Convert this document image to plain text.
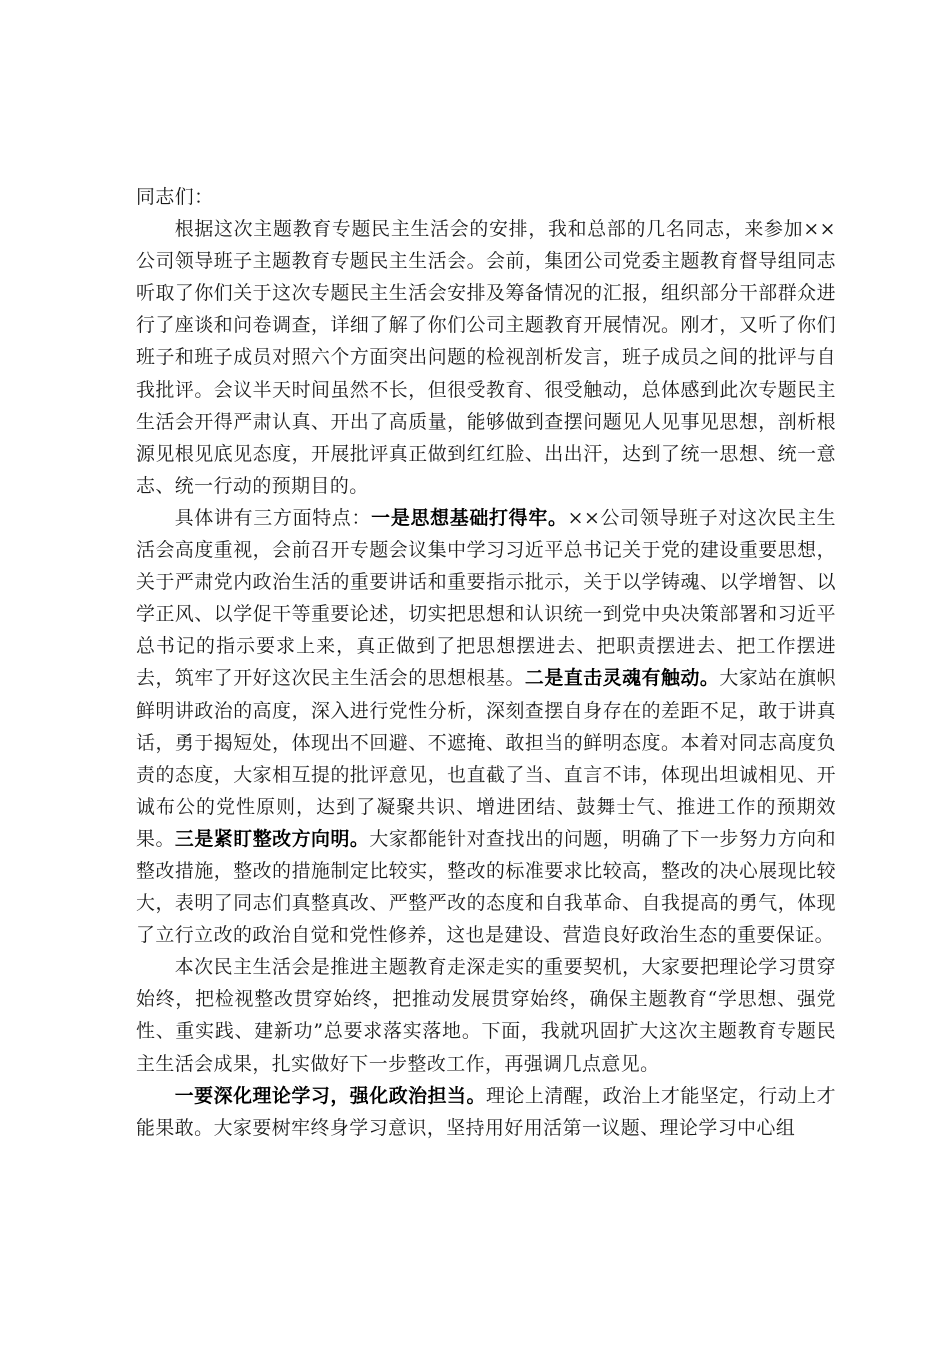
同志们：

根据这次主题教育专题民主生活会的安排，我和总部的几名同志，来参加××公司领导班子主题教育专题民主生活会。会前，集团公司党委主题教育督导组同志听取了你们关于这次专题民主生活会安排及筹备情况的汇报，组织部分干部群众进行了座谈和问卷调查，详细了解了你们公司主题教育开展情况。刚才，又听了你们班子和班子成员对照六个方面突出问题的检视剖析发言，班子成员之间的批评与自我批评。会议半天时间虽然不长，但很受教育、很受触动，总体感到此次专题民主生活会开得严肃认真、开出了高质量，能够做到查摆问题见人见事见思想，剖析根源见根见底见态度，开展批评真正做到红红脸、出出汗，达到了统一思想、统一意志、统一行动的预期目的。

具体讲有三方面特点：一是思想基础打得牢。××公司领导班子对这次民主生活会高度重视，会前召开专题会议集中学习习近平总书记关于党的建设重要思想，关于严肃党内政治生活的重要讲话和重要指示批示，关于以学铸魂、以学增智、以学正风、以学促干等重要论述，切实把思想和认识统一到党中央决策部署和习近平总书记的指示要求上来，真正做到了把思想摆进去、把职责摆进去、把工作摆进去，筑牢了开好这次民主生活会的思想根基。二是直击灵魂有触动。大家站在旗帜鲜明讲政治的高度，深入进行党性分析，深刻查摆自身存在的差距不足，敢于讲真话，勇于揭短处，体现出不回避、不遮掩、敢担当的鲜明态度。本着对同志高度负责的态度，大家相互提的批评意见，也直截了当、直言不讳，体现出坦诚相见、开诚布公的党性原则，达到了凝聚共识、增进团结、鼓舞士气、推进工作的预期效果。三是紧盯整改方向明。大家都能针对查找出的问题，明确了下一步努力方向和整改措施，整改的措施制定比较实，整改的标准要求比较高，整改的决心展现比较大，表明了同志们真整真改、严整严改的态度和自我革命、自我提高的勇气，体现了立行立改的政治自觉和党性修养，这也是建设、营造良好政治生态的重要保证。

本次民主生活会是推进主题教育走深走实的重要契机，大家要把理论学习贯穿始终，把检视整改贯穿始终，把推动发展贯穿始终，确保主题教育“学思想、强党性、重实践、建新功”总要求落实落地。下面，我就巩固扩大这次主题教育专题民主生活会成果，扎实做好下一步整改工作，再强调几点意见。

一要深化理论学习，强化政治担当。理论上清醒，政治上才能坚定，行动上才能果敢。大家要树牢终身学习意识，坚持用好用活第一议题、理论学习中心组
